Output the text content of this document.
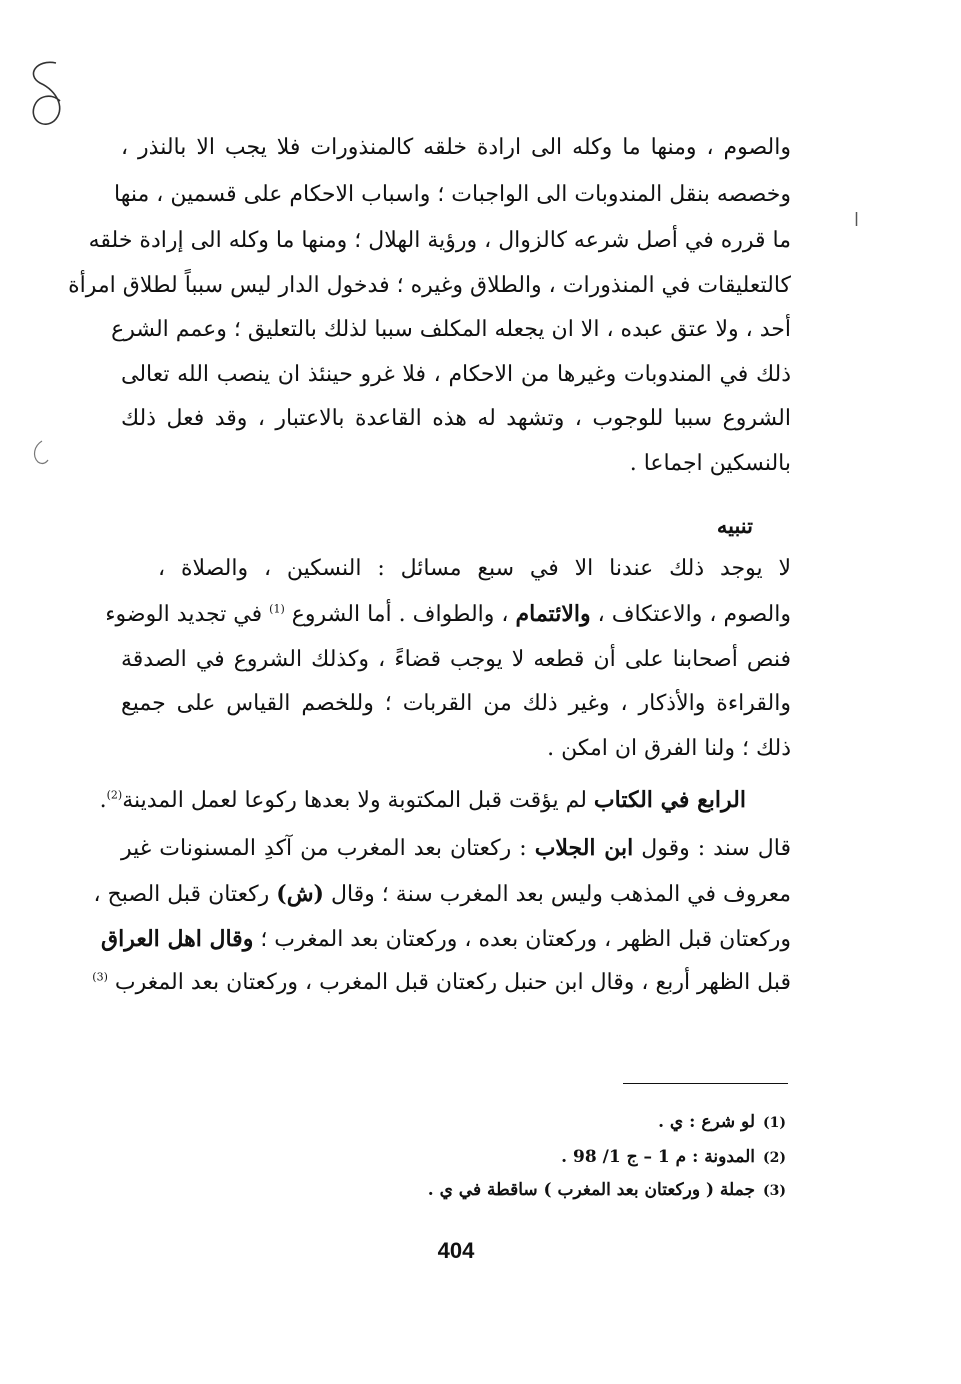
والصوم ، ومنها ما وكله الى ارادة خلقه كالمنذورات فلا يجب الا بالنذر ،
وخصصه بنقل المندوبات الى الواجبات ؛ واسباب الاحكام على قسمين ، منها
ما قرره في أصل شرعه كالزوال ، ورؤية الهلال ؛ ومنها ما وكله الى إرادة خلقه
كالتعليقات في المنذورات ، والطلاق وغيره ؛ فدخول الدار ليس سبباً لطلاق امرأة
أحد ، ولا عتق عبده ، الا ان يجعله المكلف سببا لذلك بالتعليق ؛ وعمم الشرع
ذلك في المندوبات وغيرها من الاحكام ، فلا غرو حينئذ ان ينصب الله تعالى
الشروع سببا للوجوب ، وتشهد له هذه القاعدة بالاعتبار ، وقد فعل ذلك
بالنسكين اجماعا .
تنبيه
لا يوجد ذلك عندنا الا في سبع مسائل : النسكين ، والصلاة ،
والصوم ، والاعتكاف ، والائتمام ، والطواف . أما الشروع $^{(1)}$ في تجديد الوضوء
فنص أصحابنا على أن قطعه لا يوجب قضاءً ، وكذلك الشروع في الصدقة
والقراءة والأذكار ، وغير ذلك من القربات ؛ وللخصم القياس على جميع
ذلك ؛ ولنا الفرق ان امكن .
الرابع في الكتاب لم يؤقت قبل المكتوبة ولا بعدها ركوعا لعمل المدينة$^{(2)}$.
قال سند : وقول ابن الجلاب : ركعتان بعد المغرب من آكدِ المسنونات غير
معروف في المذهب وليس بعد المغرب سنة ؛ وقال (ش) ركعتان قبل الصبح ،
وركعتان قبل الظهر ، وركعتان بعده ، وركعتان بعد المغرب ؛ وقال اهل العراق
قبل الظهر أربع ، وقال ابن حنبل ركعتان قبل المغرب ، وركعتان بعد المغرب $^{(3)}$
(1)لو شرع : ي .
(2)المدونة : م 1 – ج 1/ 98 .
(3)جملة ( وركعتان بعد المغرب ) ساقطة في ي .
404
